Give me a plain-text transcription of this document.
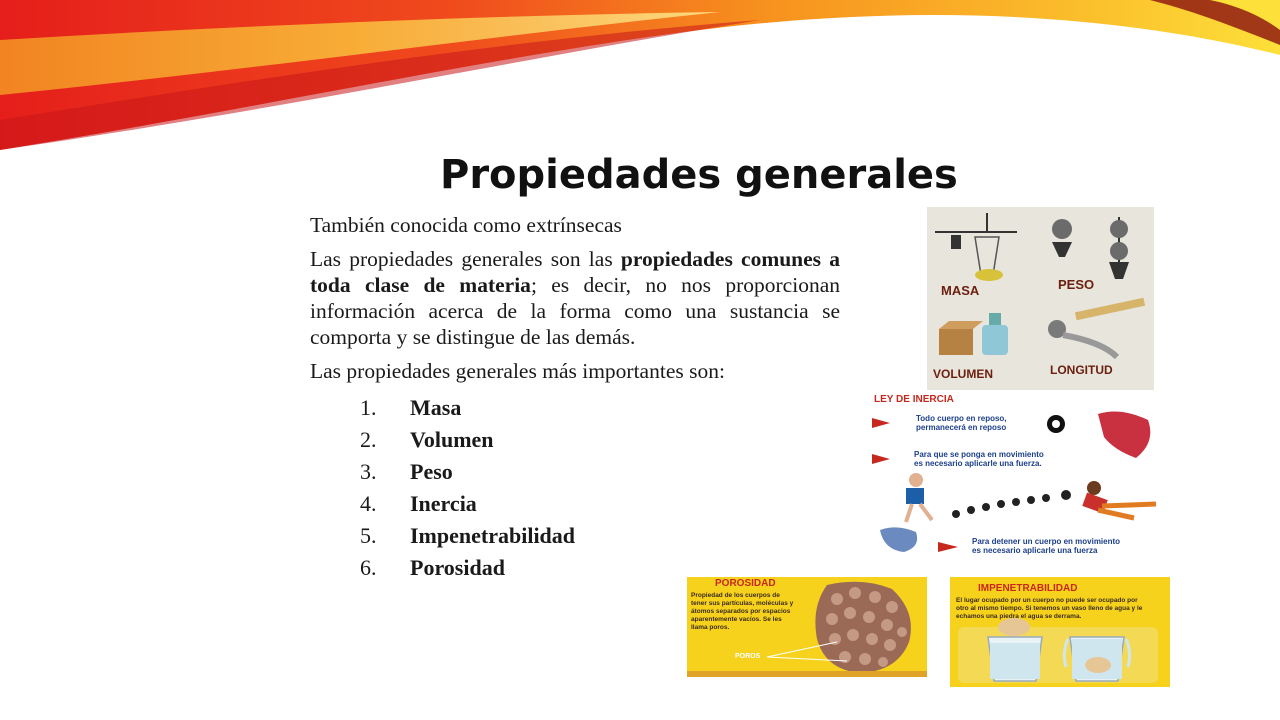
Propiedades generales

También conocida como extrínsecas

Las propiedades generales son las propiedades comunes a toda clase de materia; es decir, no nos proporcionan información acerca de la forma como una sustancia se comporta y se distingue de las demás.

Las propiedades generales más importantes son:

1.	Masa
2.	Volumen
3.	Peso
4.	Inercia
5.	Impenetrabilidad
6.	Porosidad
MASA	PESO
VOLUMEN	LONGITUD
LEY DE INERCIA
Todo cuerpo en reposo,
permanecerá en reposo
Para que se ponga en movimiento
es necesario aplicarle una fuerza.
Para detener un cuerpo en movimiento
es necesario aplicarle una fuerza
POROSIDAD
Propiedad de los cuerpos de
tener sus partículas, moléculas y
átomos separados por espacios
aparentemente vacíos. Se les
llama poros.
POROS
IMPENETRABILIDAD
El lugar ocupado por un cuerpo no puede ser ocupado por
otro al mismo tiempo. Si tenemos un vaso lleno de agua y le
echamos una piedra el agua se derrama.
